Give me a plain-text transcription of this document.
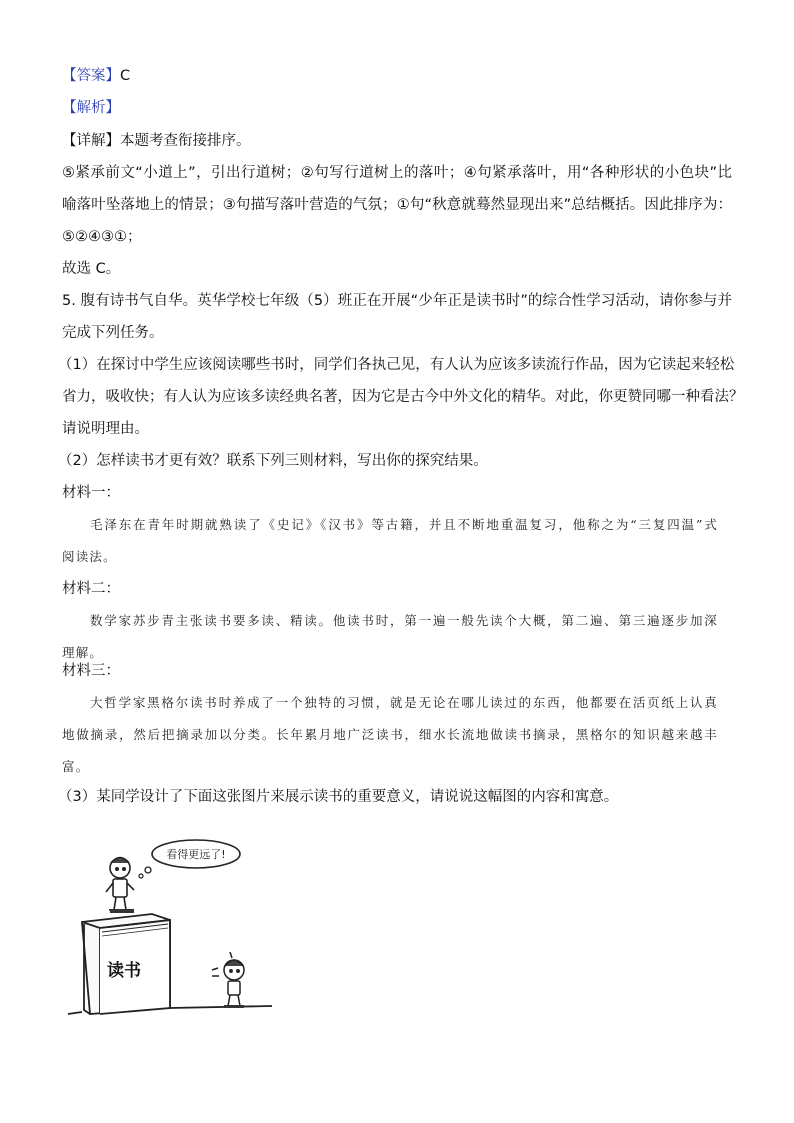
【答案】C
【解析】
【详解】本题考查衔接排序。
⑤紧承前文“小道上”，引出行道树；②句写行道树上的落叶；④句紧承落叶，用“各种形状的小色块”比
喻落叶坠落地上的情景；③句描写落叶营造的气氛；①句“秋意就蓦然显现出来”总结概括。因此排序为：
⑤②④③①；
故选 C。
5. 腹有诗书气自华。英华学校七年级（5）班正在开展“少年正是读书时”的综合性学习活动，请你参与并
完成下列任务。
（1）在探讨中学生应该阅读哪些书时，同学们各执己见，有人认为应该多读流行作品，因为它读起来轻松
省力，吸收快；有人认为应该多读经典名著，因为它是古今中外文化的精华。对此，你更赞同哪一种看法？
请说明理由。
（2）怎样读书才更有效？联系下列三则材料，写出你的探究结果。
材料一：
毛泽东在青年时期就熟读了《史记》《汉书》等古籍，并且不断地重温复习，他称之为“三复四温”式
阅读法。
材料二：
数学家苏步青主张读书要多读、精读。他读书时，第一遍一般先读个大概，第二遍、第三遍逐步加深
理解。
材料三：
大哲学家黑格尔读书时养成了一个独特的习惯，就是无论在哪儿读过的东西，他都要在活页纸上认真
地做摘录，然后把摘录加以分类。长年累月地广泛读书，细水长流地做读书摘录，黑格尔的知识越来越丰
富。
（3）某同学设计了下面这张图片来展示读书的重要意义，请说说这幅图的内容和寓意。
看得更远了!
读书
